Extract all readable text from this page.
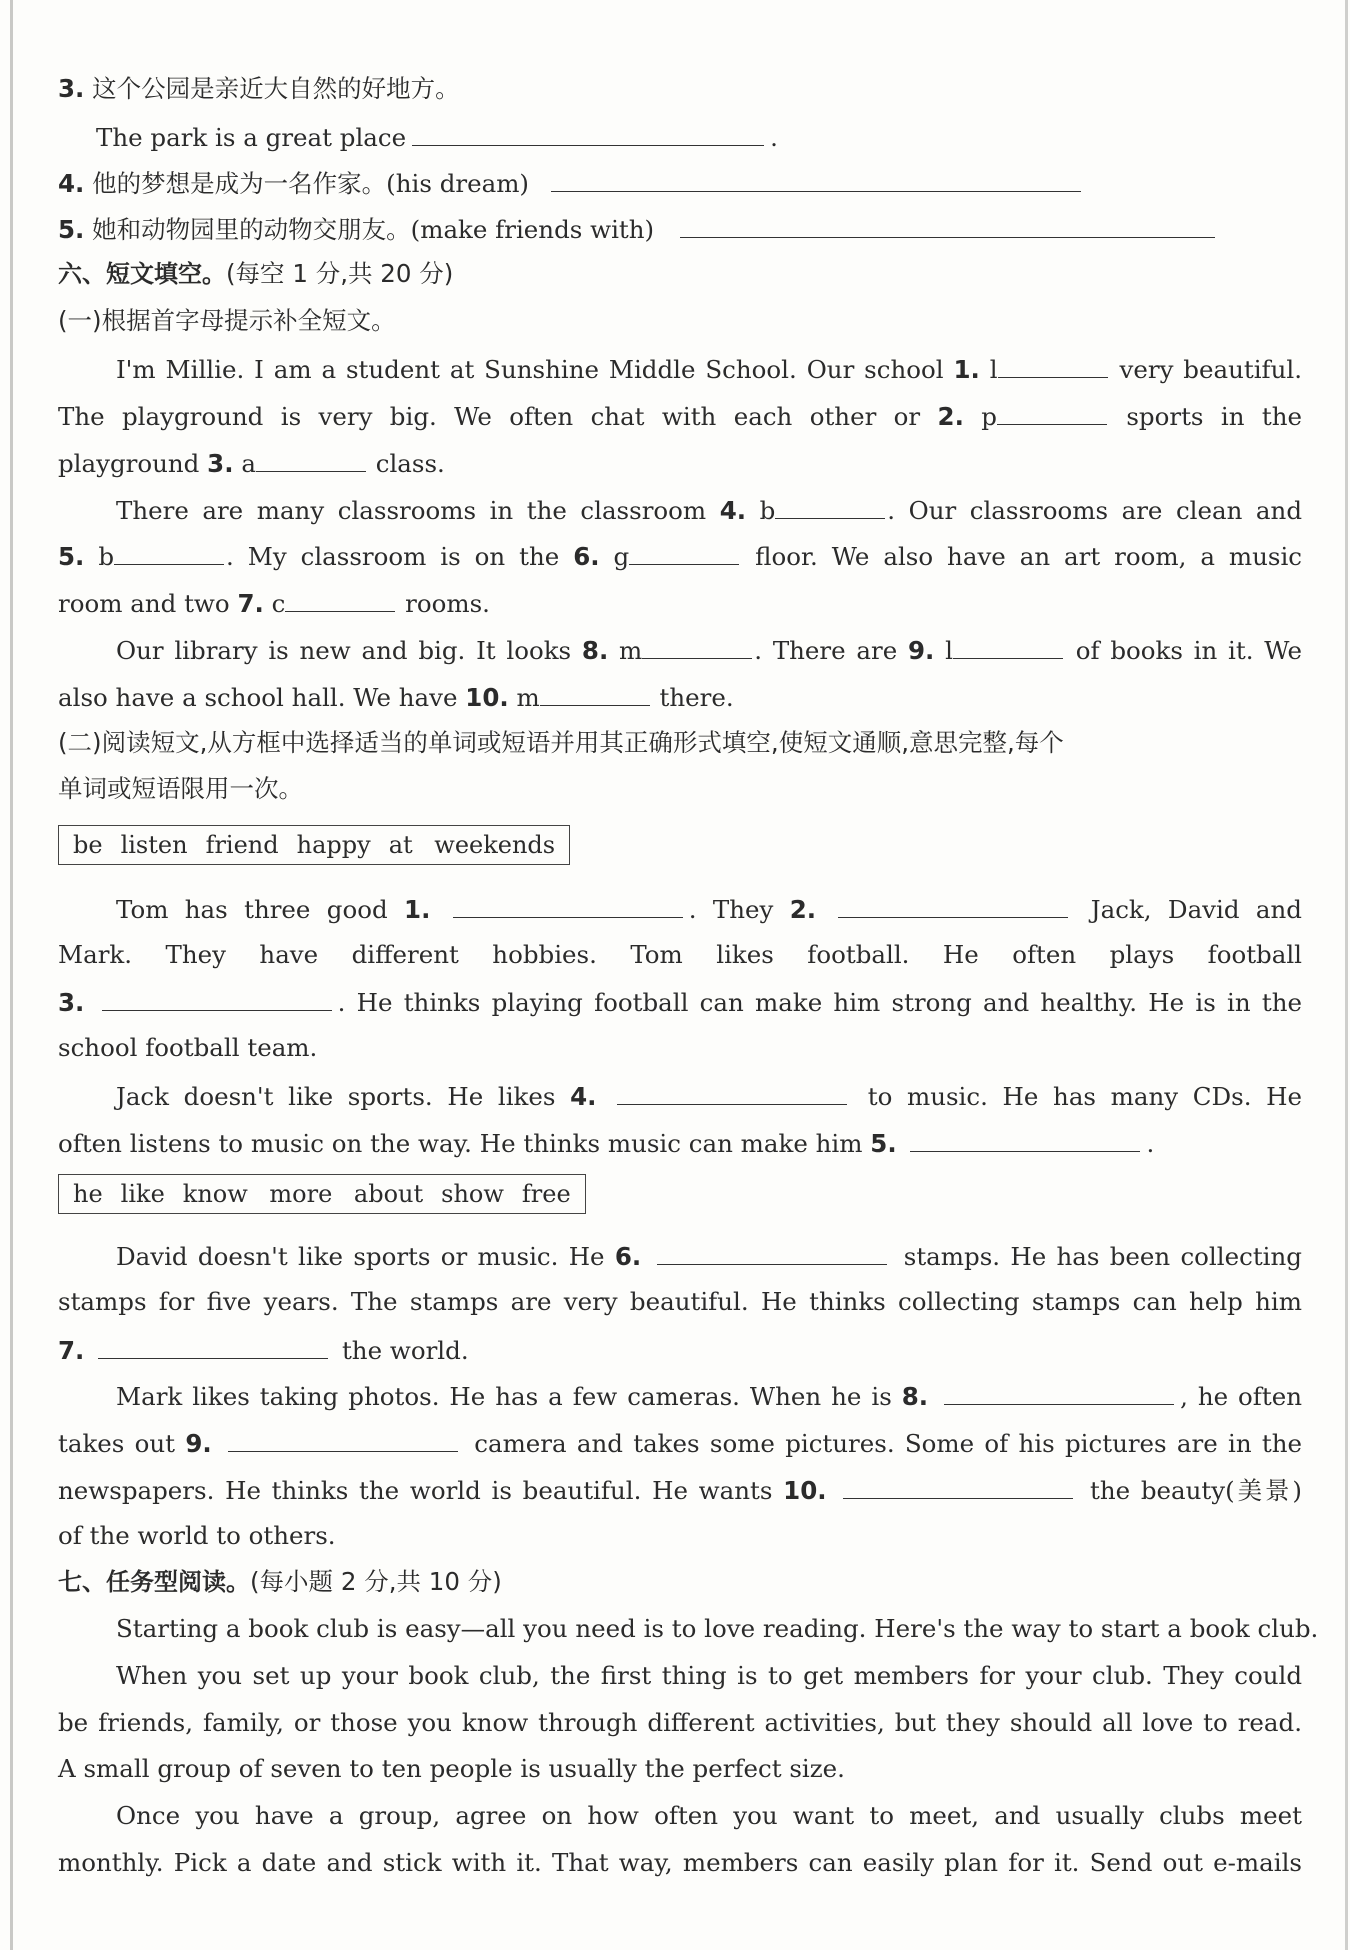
3. 这个公园是亲近大自然的好地方。
The park is a great place	.
4. 他的梦想是成为一名作家。(his dream)
5. 她和动物园里的动物交朋友。(make friends with)
六、短文填空。(每空 1 分,共 20 分)
(一)根据首字母提示补全短文。
I'm Millie. I am a student at Sunshine Middle School. Our school 1. l	very beautiful.
The playground is very big. We often chat with each other or 2. p	sports in the
playground 3. a	class.
There are many classrooms in the classroom 4. b	. Our classrooms are clean and
5. b	. My classroom is on the 6. g	floor. We also have an art room, a music
room and two 7. c	rooms.
Our library is new and big. It looks 8. m	. There are 9. l	of books in it. We
also have a school hall. We have 10. m	there.
(二)阅读短文,从方框中选择适当的单词或短语并用其正确形式填空,使短文通顺,意思完整,每个
单词或短语限用一次。
be listen friend happy at weekends
Tom has three good 1.	. They 2.	Jack, David and
Mark. They have different hobbies. Tom likes football. He often plays football
3.	. He thinks playing football can make him strong and healthy. He is in the
school football team.
Jack doesn't like sports. He likes 4.	to music. He has many CDs. He
often listens to music on the way. He thinks music can make him 5.	.
he like know more about show free
David doesn't like sports or music. He 6.	stamps. He has been collecting
stamps for five years. The stamps are very beautiful. He thinks collecting stamps can help him
7.	the world.
Mark likes taking photos. He has a few cameras. When he is 8.	, he often
takes out 9.	camera and takes some pictures. Some of his pictures are in the
newspapers. He thinks the world is beautiful. He wants 10.	the beauty(美景)
of the world to others.
七、任务型阅读。(每小题 2 分,共 10 分)
Starting a book club is easy—all you need is to love reading. Here's the way to start a book club.
When you set up your book club, the first thing is to get members for your club. They could
be friends, family, or those you know through different activities, but they should all love to read.
A small group of seven to ten people is usually the perfect size.
Once you have a group, agree on how often you want to meet, and usually clubs meet
monthly. Pick a date and stick with it. That way, members can easily plan for it. Send out e-mails
